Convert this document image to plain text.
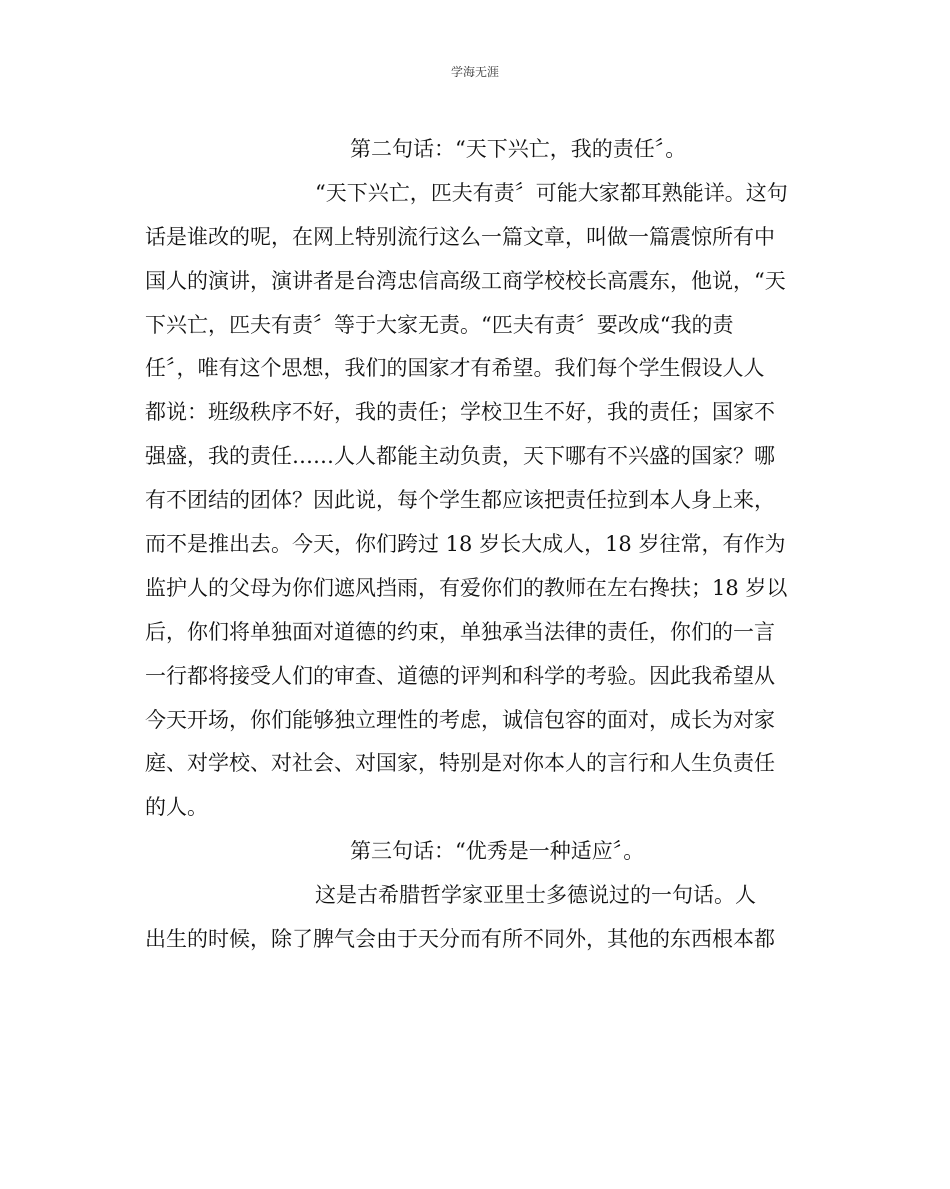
学海无涯
第二句话：“天下兴亡，我的责任〞。
“天下兴亡，匹夫有责〞可能大家都耳熟能详。这句
话是谁改的呢，在网上特别流行这么一篇文章，叫做一篇震惊所有中
国人的演讲，演讲者是台湾忠信高级工商学校校长高震东，他说，“天
下兴亡，匹夫有责〞等于大家无责。“匹夫有责〞要改成“我的责
任〞，唯有这个思想，我们的国家才有希望。我们每个学生假设人人
都说：班级秩序不好，我的责任；学校卫生不好，我的责任；国家不
强盛，我的责任……人人都能主动负责，天下哪有不兴盛的国家？哪
有不团结的团体？因此说，每个学生都应该把责任拉到本人身上来，
而不是推出去。今天，你们跨过 18 岁长大成人，18 岁往常，有作为
监护人的父母为你们遮风挡雨，有爱你们的教师在左右搀扶；18 岁以
后，你们将单独面对道德的约束，单独承当法律的责任，你们的一言
一行都将接受人们的审查、道德的评判和科学的考验。因此我希望从
今天开场，你们能够独立理性的考虑，诚信包容的面对，成长为对家
庭、对学校、对社会、对国家，特别是对你本人的言行和人生负责任
的人。
第三句话：“优秀是一种适应〞。
这是古希腊哲学家亚里士多德说过的一句话。人
出生的时候，除了脾气会由于天分而有所不同外，其他的东西根本都
